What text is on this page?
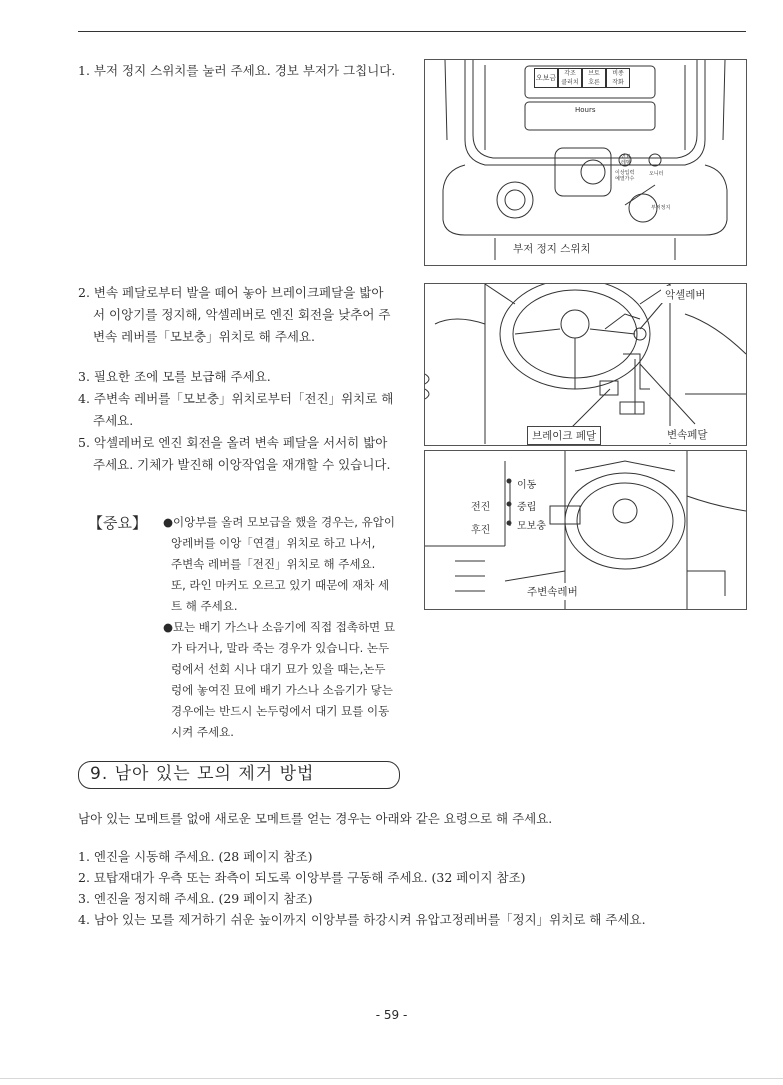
1. 부저 정지 스위치를 눌러 주세요. 경보 부저가 그칩니다.	오보금
각조
클러치
브토
호른
비종
작화
Hours
연료
레벨
이상입력
예열가수
오니터
부저정지
부저 정지 스위치
2. 변속 페달로부터 발을 떼어 놓아 브레이크페달을 밟아
서 이앙기를 정지해, 악셀레버로 엔진 회전을 낮추어 주
변속 레버를「모보충」위치로 해 주세요.
3. 필요한 조에 모를 보급해 주세요.
4. 주변속 레버를「모보충」위치로부터「전진」위치로 해
주세요.
5. 악셀레버로 엔진 회전을 올려 변속 페달을 서서히 밟아
주세요. 기체가 발진해 이앙작업을 재개할 수 있습니다.
악셀레버
브레이크 페달	변속페달
이동
전진	중립
후진	모보충
주변속레버
【중요】 ●이앙부를 올려 모보급을 했을 경우는, 유압이
앙레버를 이앙「연결」위치로 하고 나서,
주변속 레버를「전진」위치로 해 주세요.
또, 라인 마커도 오르고 있기 때문에 재차 세
트 해 주세요.
●묘는 배기 가스나 소음기에 직접 접촉하면 묘
가 타거나, 말라 죽는 경우가 있습니다. 논두
렁에서 선회 시나 대기 묘가 있을 때는,논두
렁에 놓여진 묘에 배기 가스나 소음기가 닿는
경우에는 반드시 논두렁에서 대기 묘를 이동
시켜 주세요.
9. 남아 있는 모의 제거 방법
남아 있는 모메트를 없애 새로운 모메트를 얻는 경우는 아래와 같은 요령으로 해 주세요.
1. 엔진을 시동해 주세요. (28 페이지 참조)
2. 묘탑재대가 우측 또는 좌측이 되도록 이앙부를 구동해 주세요. (32 페이지 참조)
3. 엔진을 정지해 주세요. (29 페이지 참조)
4. 남아 있는 모를 제거하기 쉬운 높이까지 이앙부를 하강시켜 유압고정레버를「정지」위치로 해 주세요.
- 59 -
